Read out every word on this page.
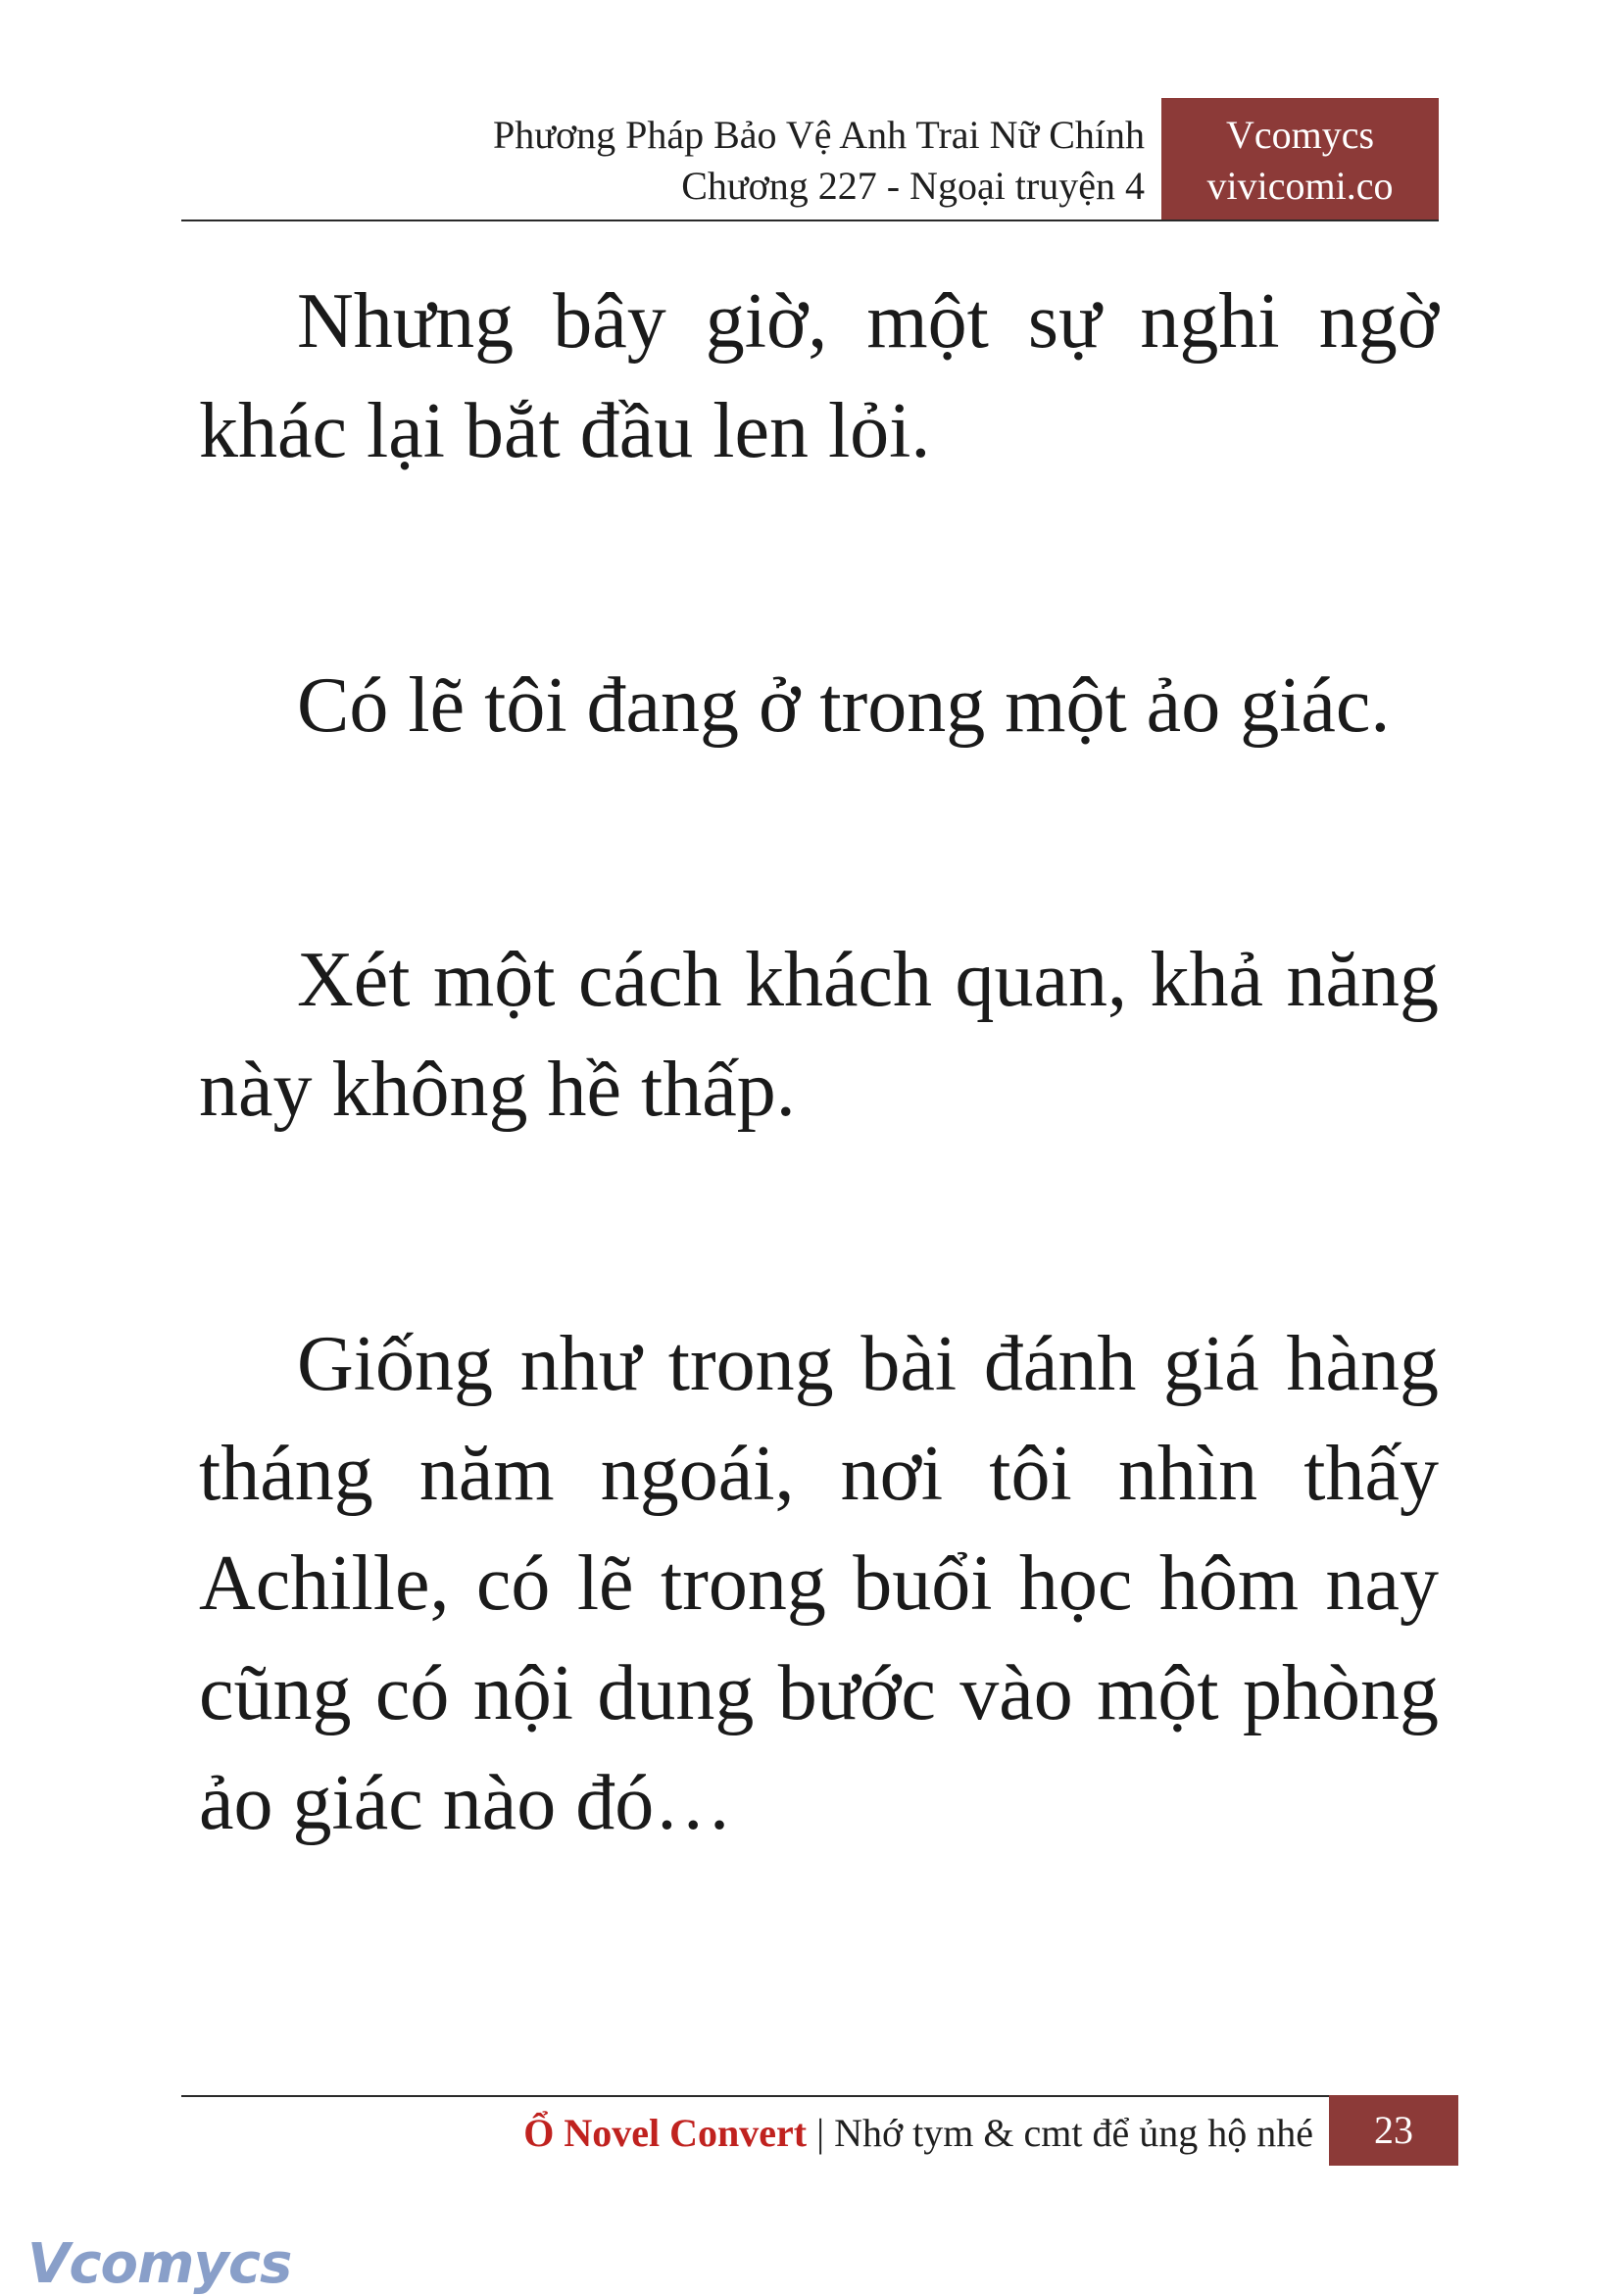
Phương Pháp Bảo Vệ Anh Trai Nữ Chính
Chương 227 - Ngoại truyện 4
Vcomycs
vivicomi.co

Nhưng bây giờ, một sự nghi ngờ khác lại bắt đầu len lỏi.

Có lẽ tôi đang ở trong một ảo giác.

Xét một cách khách quan, khả năng này không hề thấp.

Giống như trong bài đánh giá hàng tháng năm ngoái, nơi tôi nhìn thấy Achille, có lẽ trong buổi học hôm nay cũng có nội dung bước vào một phòng ảo giác nào đó…

Ổ Novel Convert | Nhớ tym & cmt để ủng hộ nhé	23
Vcomycs
